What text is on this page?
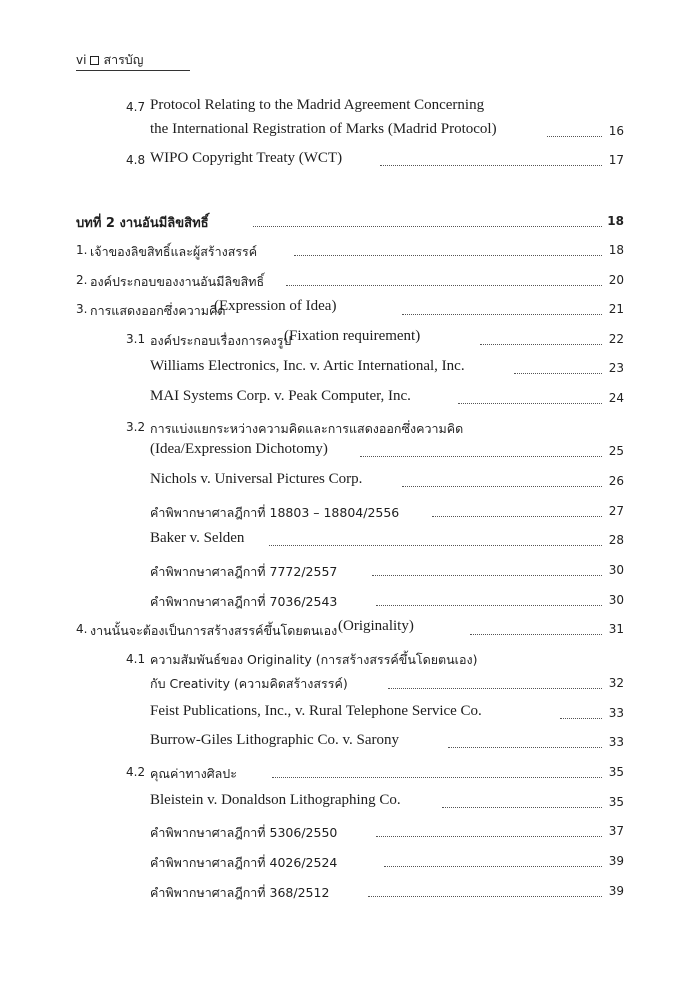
vi สารบัญ
4.7 Protocol Relating to the Madrid Agreement Concerning
the International Registration of Marks (Madrid Protocol)	16
4.8 WIPO Copyright Treaty (WCT)	17
บทที่ 2 งานอันมีลิขสิทธิ์	18
1. เจ้าของลิขสิทธิ์และผู้สร้างสรรค์	18
2. องค์ประกอบของงานอันมีลิขสิทธิ์	20
3. การแสดงออกซึ่งความคิด
(Expression of Idea)	21
3.1 องค์ประกอบเรื่องการคงรูป
(Fixation requirement)	22
Williams Electronics, Inc. v. Artic International, Inc.	23
MAI Systems Corp. v. Peak Computer, Inc.	24
3.2 การแบ่งแยกระหว่างความคิดและการแสดงออกซึ่งความคิด
(Idea/Expression Dichotomy)	25
Nichols v. Universal Pictures Corp.	26
คำพิพากษาศาลฎีกาที่ 18803 – 18804/2556	27
Baker v. Selden	28
คำพิพากษาศาลฎีกาที่ 7772/2557	30
คำพิพากษาศาลฎีกาที่ 7036/2543	30
4. งานนั้นจะต้องเป็นการสร้างสรรค์ขึ้นโดยตนเอง (Originality)	31
4.1 ความสัมพันธ์ของ Originality (การสร้างสรรค์ขึ้นโดยตนเอง)
กับ Creativity (ความคิดสร้างสรรค์)	32
Feist Publications, Inc., v. Rural Telephone Service Co.	33
Burrow-Giles Lithographic Co. v. Sarony	33
4.2 คุณค่าทางศิลปะ	35
Bleistein v. Donaldson Lithographing Co.	35
คำพิพากษาศาลฎีกาที่ 5306/2550	37
คำพิพากษาศาลฎีกาที่ 4026/2524	39
คำพิพากษาศาลฎีกาที่ 368/2512	39
